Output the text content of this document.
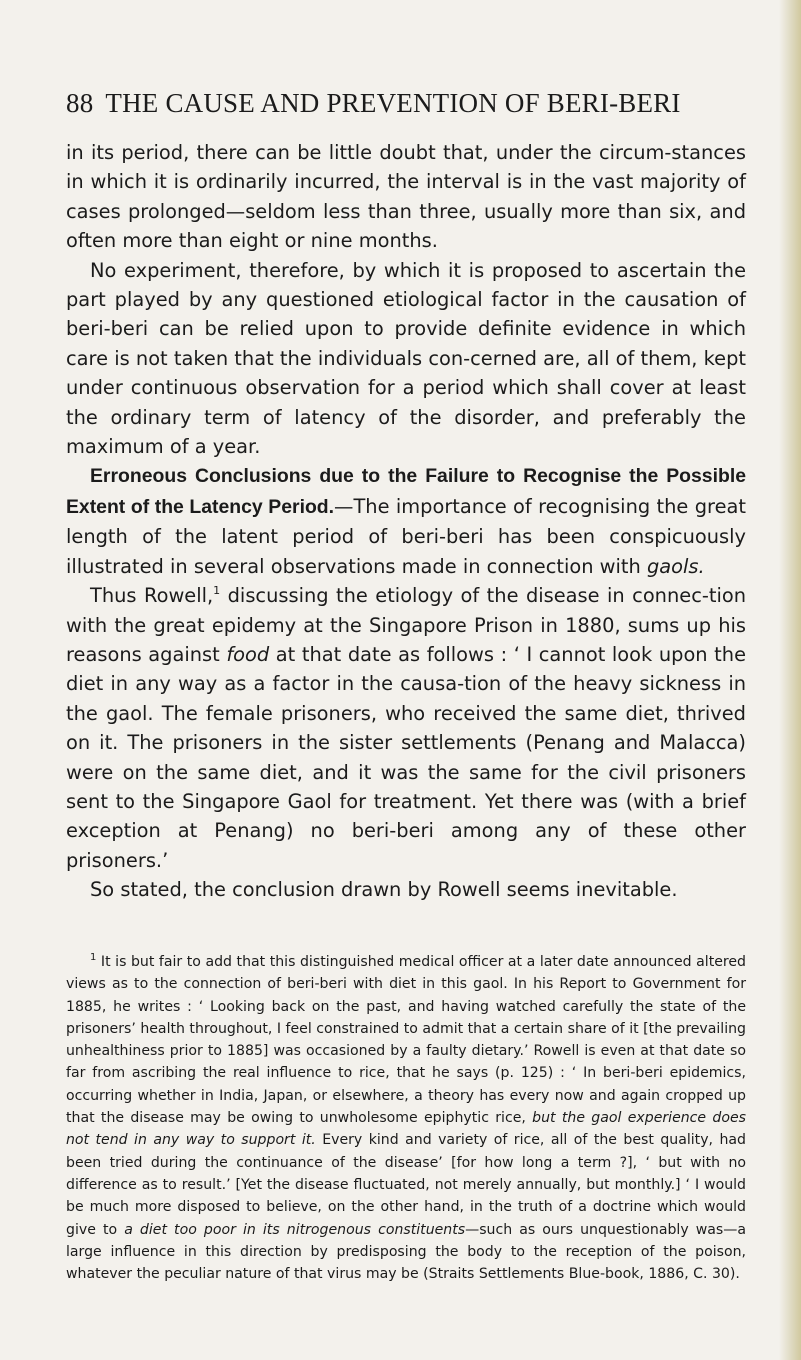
88 THE CAUSE AND PREVENTION OF BERI-BERI

in its period, there can be little doubt that, under the circum-stances in which it is ordinarily incurred, the interval is in the vast majority of cases prolonged—seldom less than three, usually more than six, and often more than eight or nine months.

No experiment, therefore, by which it is proposed to ascertain the part played by any questioned etiological factor in the causation of beri-beri can be relied upon to provide definite evidence in which care is not taken that the individuals con-cerned are, all of them, kept under continuous observation for a period which shall cover at least the ordinary term of latency of the disorder, and preferably the maximum of a year.

Erroneous Conclusions due to the Failure to Recognise the Possible Extent of the Latency Period.—The importance of recognising the great length of the latent period of beri-beri has been conspicuously illustrated in several observations made in connection with gaols.

Thus Rowell,$^1$ discussing the etiology of the disease in connec-tion with the great epidemy at the Singapore Prison in 1880, sums up his reasons against food at that date as follows : ‘ I cannot look upon the diet in any way as a factor in the causa-tion of the heavy sickness in the gaol. The female prisoners, who received the same diet, thrived on it. The prisoners in the sister settlements (Penang and Malacca) were on the same diet, and it was the same for the civil prisoners sent to the Singapore Gaol for treatment. Yet there was (with a brief exception at Penang) no beri-beri among any of these other prisoners.’

So stated, the conclusion drawn by Rowell seems inevitable.

$^1$ It is but fair to add that this distinguished medical officer at a later date announced altered views as to the connection of beri-beri with diet in this gaol. In his Report to Government for 1885, he writes : ‘ Looking back on the past, and having watched carefully the state of the prisoners’ health throughout, I feel constrained to admit that a certain share of it [the prevailing unhealthiness prior to 1885] was occasioned by a faulty dietary.’ Rowell is even at that date so far from ascribing the real influence to rice, that he says (p. 125) : ‘ In beri-beri epidemics, occurring whether in India, Japan, or elsewhere, a theory has every now and again cropped up that the disease may be owing to unwholesome epiphytic rice, but the gaol experience does not tend in any way to support it. Every kind and variety of rice, all of the best quality, had been tried during the continuance of the disease’ [for how long a term ?], ‘ but with no difference as to result.’ [Yet the disease fluctuated, not merely annually, but monthly.] ‘ I would be much more disposed to believe, on the other hand, in the truth of a doctrine which would give to a diet too poor in its nitrogenous constituents—such as ours unquestionably was—a large influence in this direction by predisposing the body to the reception of the poison, whatever the peculiar nature of that virus may be (Straits Settlements Blue-book, 1886, C. 30).
